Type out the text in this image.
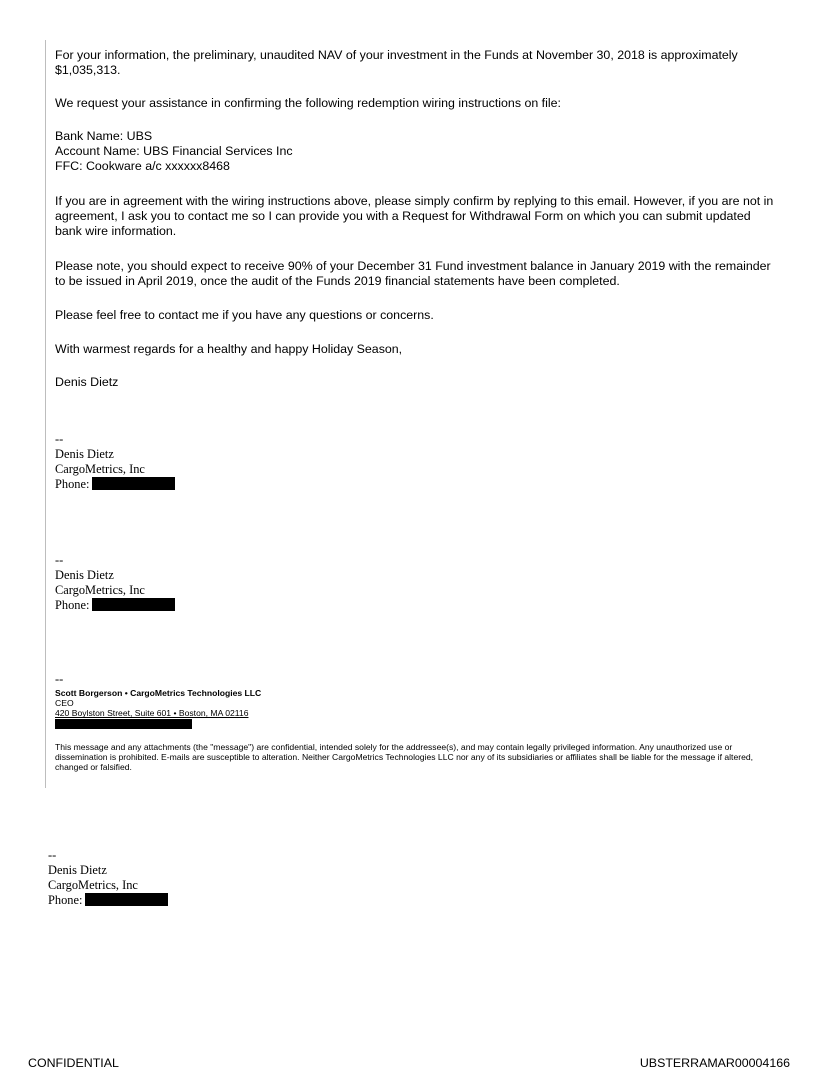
For your information, the preliminary, unaudited NAV of your investment in the Funds at November 30, 2018 is approximately $1,035,313.

We request your assistance in confirming the following redemption wiring instructions on file:

Bank Name: UBS
Account Name: UBS Financial Services Inc
FFC: Cookware a/c xxxxxx8468

If you are in agreement with the wiring instructions above, please simply confirm by replying to this email. However, if you are not in agreement, I ask you to contact me so I can provide you with a Request for Withdrawal Form on which you can submit updated bank wire information.

Please note, you should expect to receive 90% of your December 31 Fund investment balance in January 2019 with the remainder to be issued in April 2019, once the audit of the Funds 2019 financial statements have been completed.

Please feel free to contact me if you have any questions or concerns.

With warmest regards for a healthy and happy Holiday Season,

Denis Dietz

--
Denis Dietz
CargoMetrics, Inc
Phone:
--
Denis Dietz
CargoMetrics, Inc
Phone:
--
Scott Borgerson • CargoMetrics Technologies LLC
CEO
420 Boylston Street, Suite 601 • Boston, MA 02116
This message and any attachments (the "message") are confidential, intended solely for the addressee(s), and may contain legally privileged information. Any unauthorized use or dissemination is prohibited. E-mails are susceptible to alteration. Neither CargoMetrics Technologies LLC nor any of its subsidiaries or affiliates shall be liable for the message if altered, changed or falsified.
--
Denis Dietz
CargoMetrics, Inc
Phone:
CONFIDENTIAL	UBSTERRAMAR00004166
